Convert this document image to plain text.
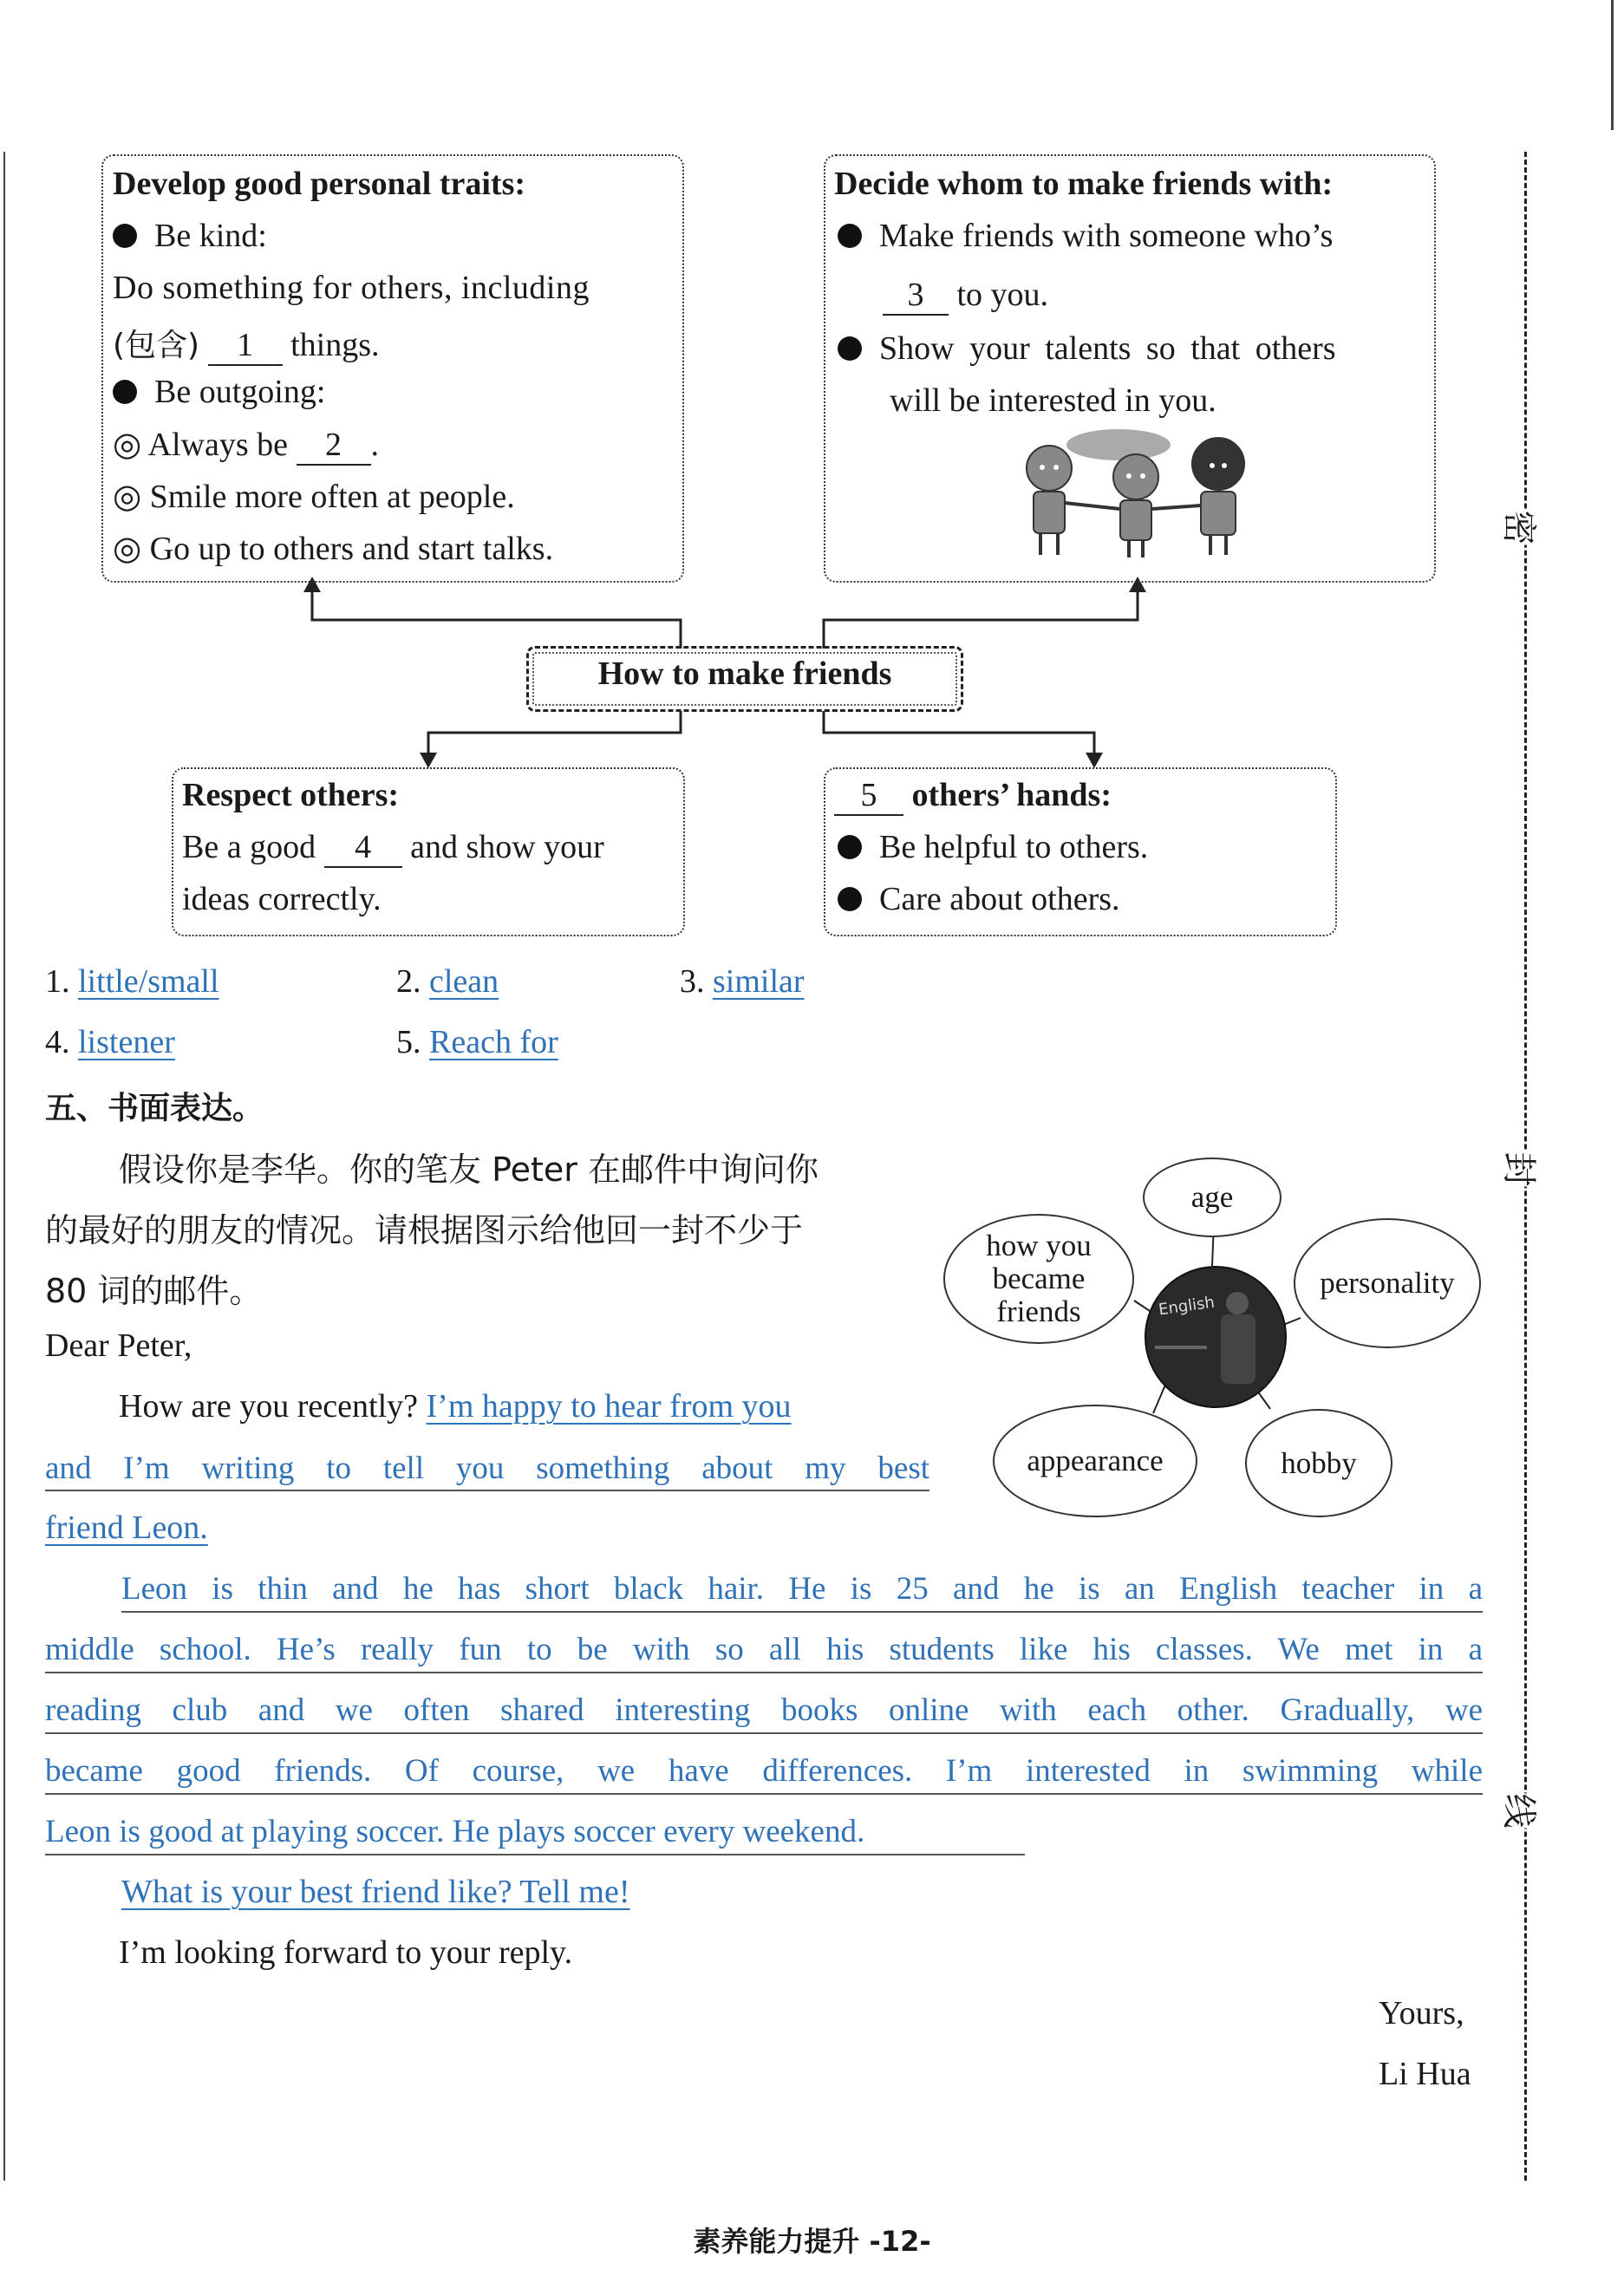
密
封
线
Develop good personal traits:
Be kind:
Do something for others, including
(包含) 1 things.
Be outgoing:
◎ Always be 2 .
◎ Smile more often at people.
◎ Go up to others and start talks.
Decide whom to make friends with:
Make friends with someone who’s
3 to you.
Show your talents so that others
will be interested in you.
How to make friends
Respect others:
Be a good 4 and show your
ideas correctly.
5 others’ hands:
Be helpful to others.
Care about others.
1. little/small	2. clean	3. similar
4. listener	5. Reach for
五、书面表达。
假设你是李华。你的笔友 Peter 在邮件中询问你
的最好的朋友的情况。请根据图示给他回一封不少于
80 词的邮件。
Dear Peter,
How are you recently? I’m happy to hear from you
and I’m writing to tell you something about my best
friend Leon.
Leon is thin and he has short black hair. He is 25 and he is an English teacher in a
middle school. He’s really fun to be with so all his students like his classes. We met in a
reading club and we often shared interesting books online with each other. Gradually, we
became good friends. Of course, we have differences. I’m interested in swimming while
Leon is good at playing soccer. He plays soccer every weekend.
What is your best friend like? Tell me!
I’m looking forward to your reply.
Yours,
Li Hua
age
how you became friends
personality
appearance	hobby
English
素养能力提升 -12-
